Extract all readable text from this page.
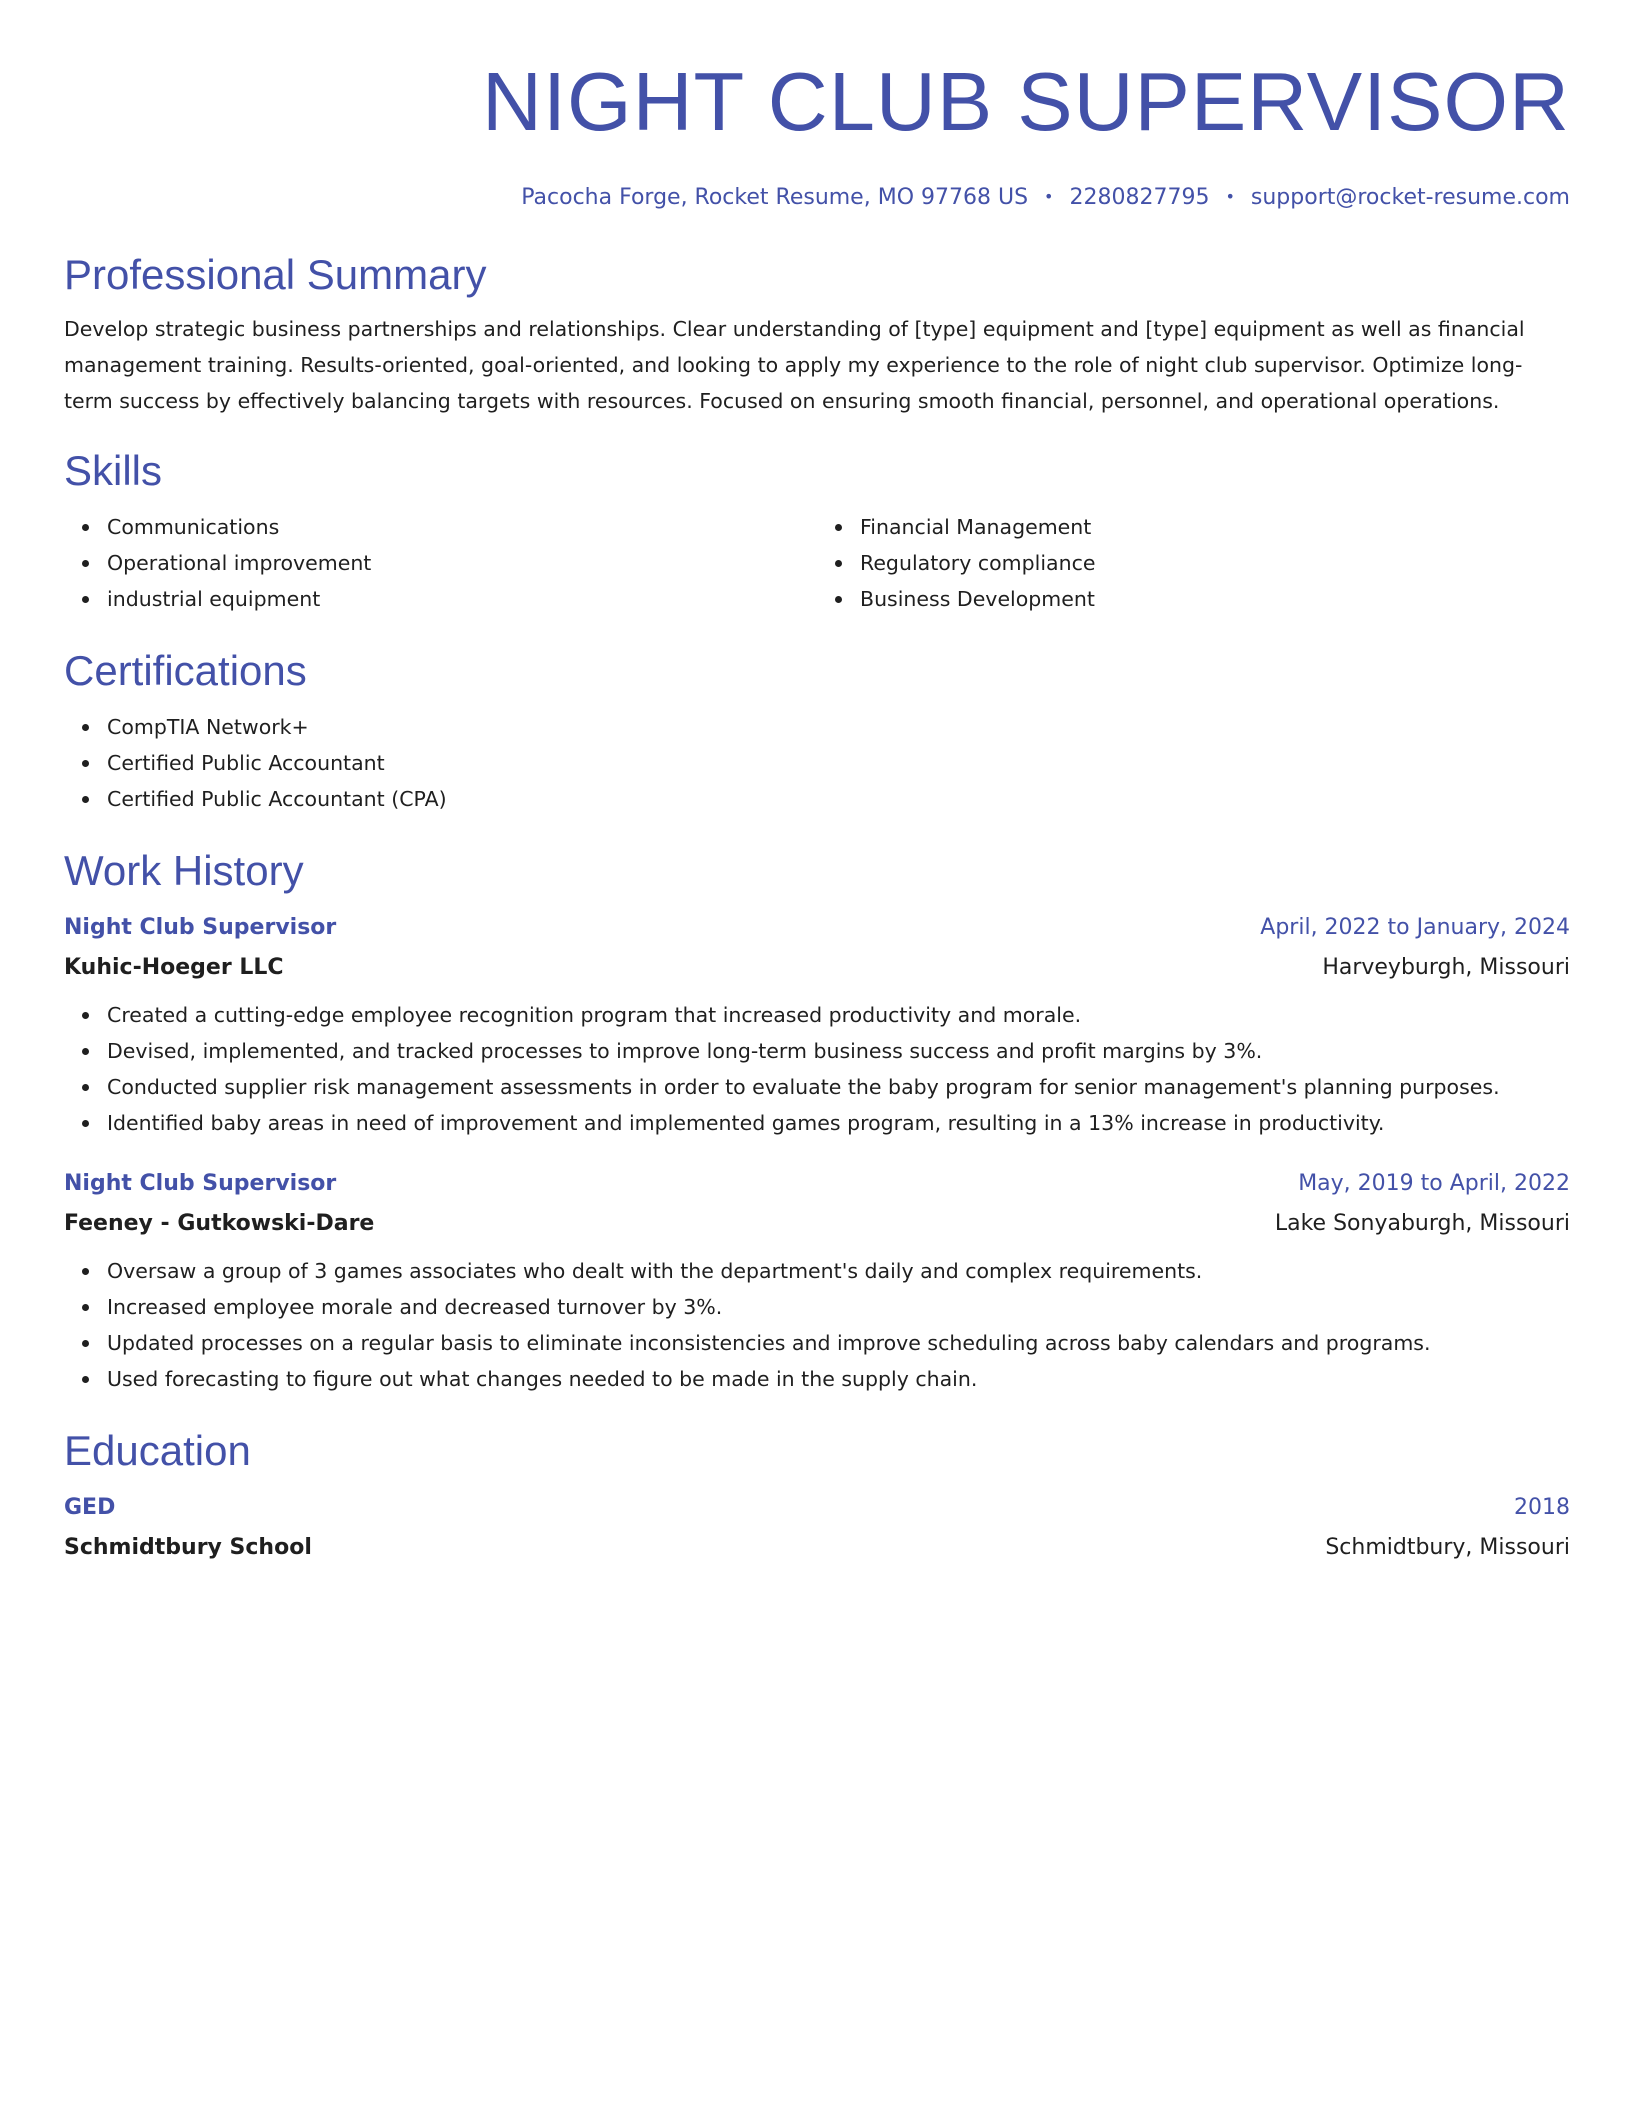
NIGHT CLUB SUPERVISOR
Pacocha Forge, Rocket Resume, MO 97768 US • 2280827795 • support@rocket-resume.com
Professional Summary

Develop strategic business partnerships and relationships. Clear understanding of [type] equipment and [type] equipment as well as financial management training. Results-oriented, goal-oriented, and looking to apply my experience to the role of night club supervisor. Optimize long-term success by effectively balancing targets with resources. Focused on ensuring smooth financial, personnel, and operational operations.

Skills
Communications
Operational improvement
industrial equipment
Financial Management
Regulatory compliance
Business Development
Certifications
CompTIA Network+
Certified Public Accountant
Certified Public Accountant (CPA)
Work History
Night Club Supervisor	April, 2022 to January, 2024
Kuhic-Hoeger LLC	Harveyburgh, Missouri
Created a cutting-edge employee recognition program that increased productivity and morale.
Devised, implemented, and tracked processes to improve long-term business success and profit margins by 3%.
Conducted supplier risk management assessments in order to evaluate the baby program for senior management's planning purposes.
Identified baby areas in need of improvement and implemented games program, resulting in a 13% increase in productivity.
Night Club Supervisor	May, 2019 to April, 2022
Feeney - Gutkowski-Dare	Lake Sonyaburgh, Missouri
Oversaw a group of 3 games associates who dealt with the department's daily and complex requirements.
Increased employee morale and decreased turnover by 3%.
Updated processes on a regular basis to eliminate inconsistencies and improve scheduling across baby calendars and programs.
Used forecasting to figure out what changes needed to be made in the supply chain.
Education
GED	2018
Schmidtbury School	Schmidtbury, Missouri
